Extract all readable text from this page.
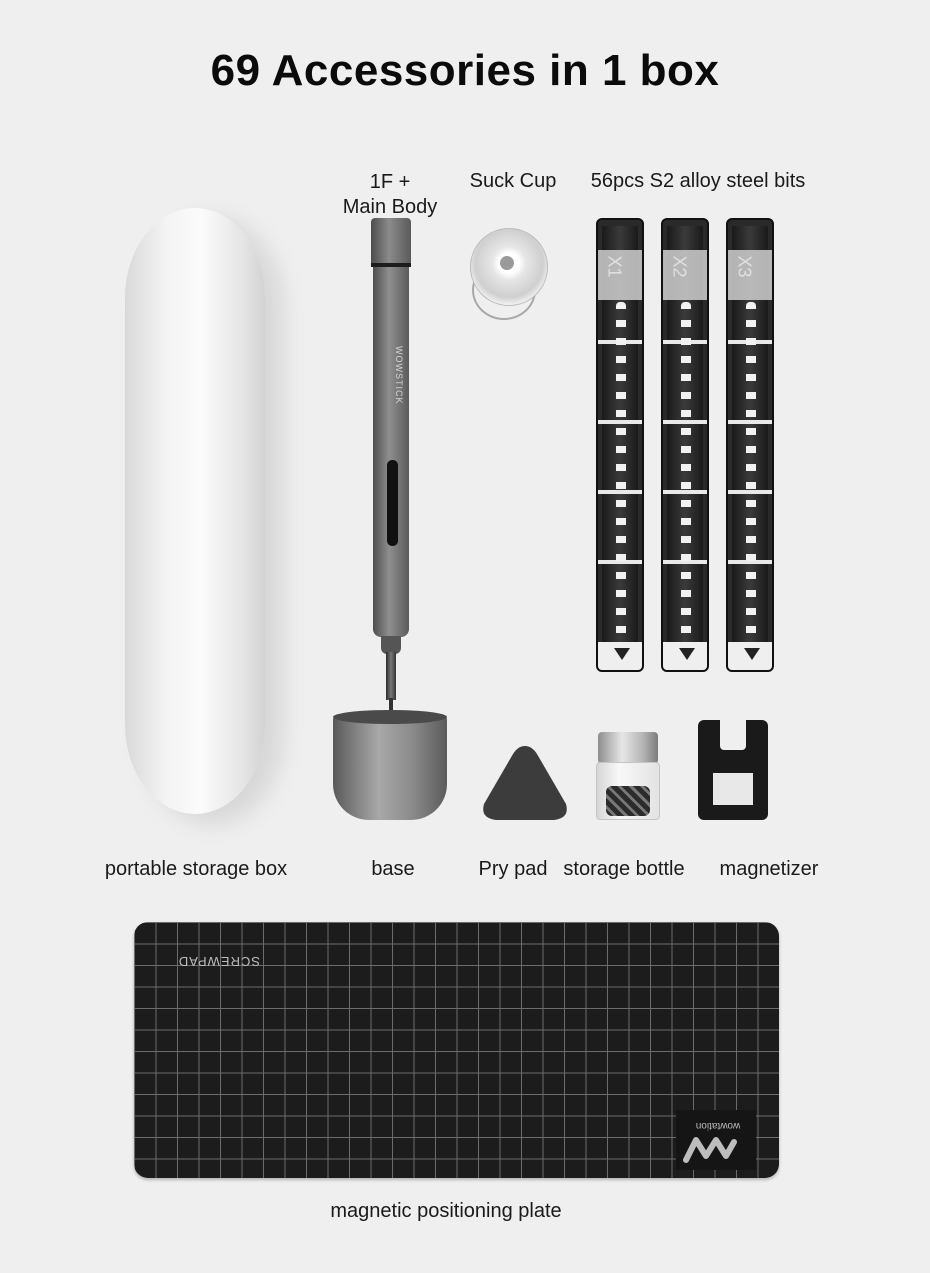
69 Accessories in 1 box
1F +
Main Body
Suck Cup	56pcs S2 alloy steel bits
WOWSTICK
X1	X2	X3
portable storage box	base	Pry pad storage bottle	magnetizer
SCREWPAD
wowtation
magnetic positioning plate
